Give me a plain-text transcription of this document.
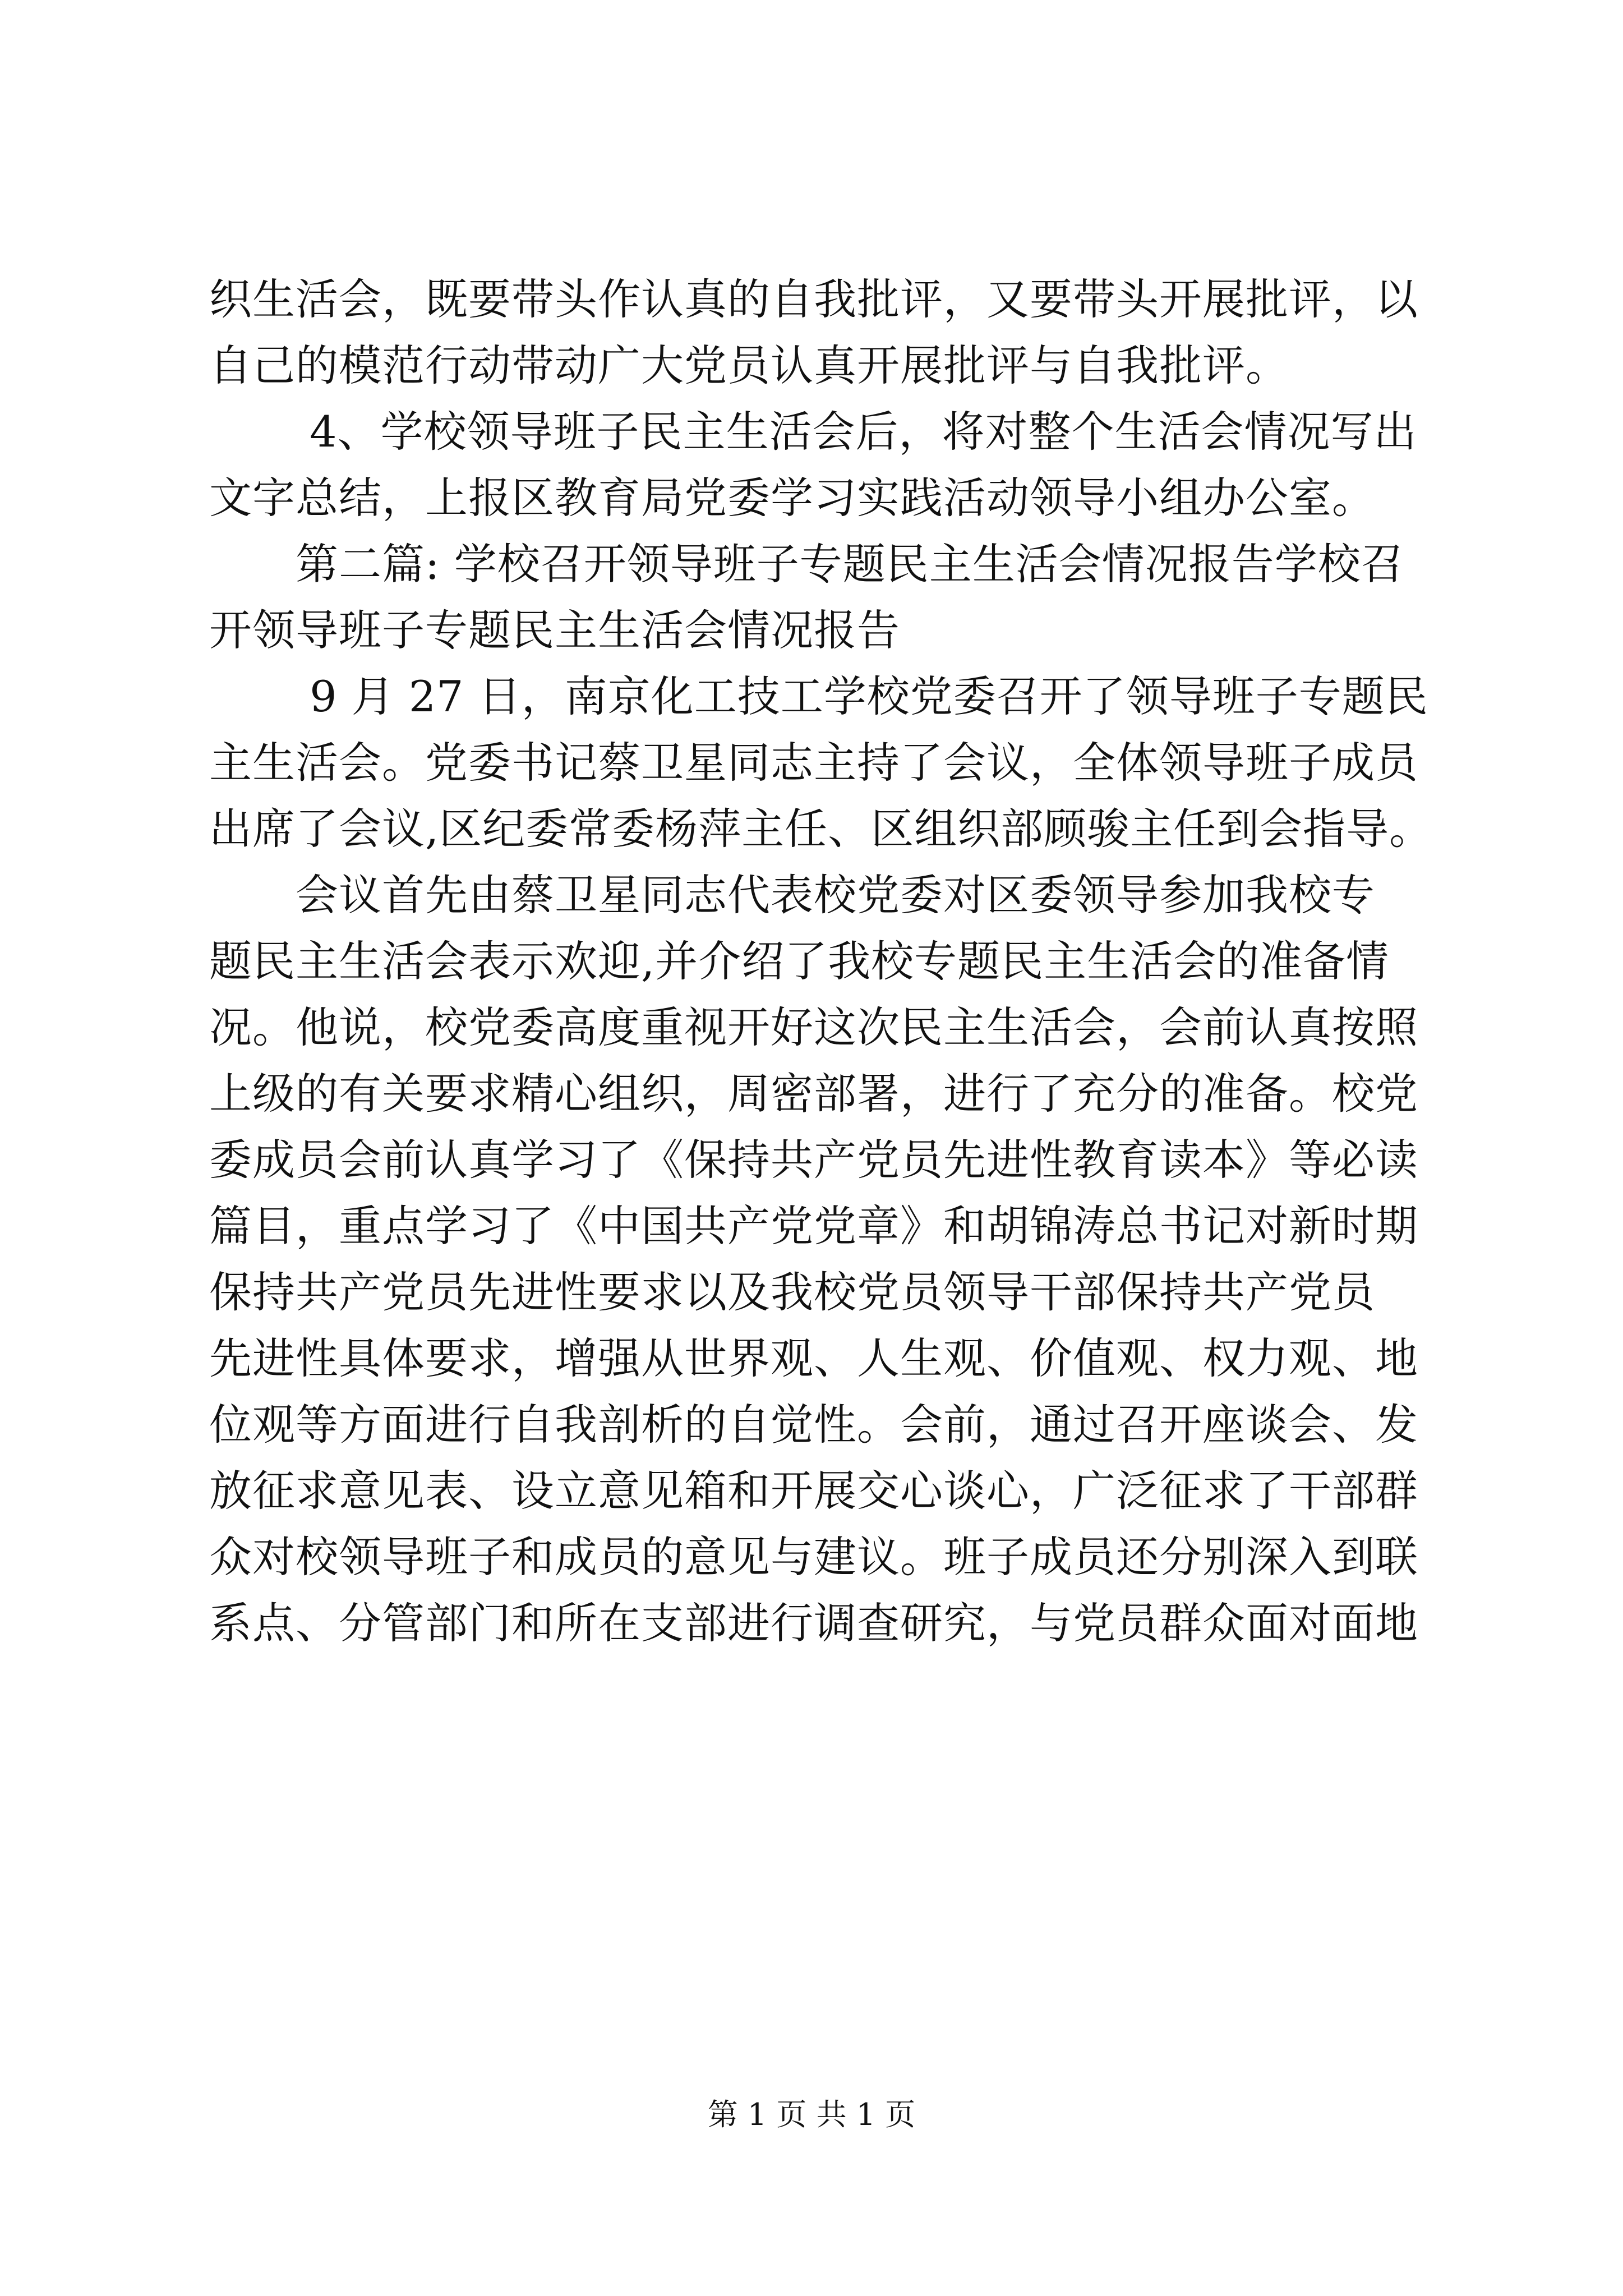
织生活会，既要带头作认真的自我批评，又要带头开展批评，以

自己的模范行动带动广大党员认真开展批评与自我批评。

　　 4、学校领导班子民主生活会后，将对整个生活会情况写出

文字总结，上报区教育局党委学习实践活动领导小组办公室。

　　第二篇: 学校召开领导班子专题民主生活会情况报告学校召

开领导班子专题民主生活会情况报告

　　 9 月 27 日，南京化工技工学校党委召开了领导班子专题民

主生活会。党委书记蔡卫星同志主持了会议，全体领导班子成员

出席了会议,区纪委常委杨萍主任、区组织部顾骏主任到会指导。

　　会议首先由蔡卫星同志代表校党委对区委领导参加我校专

题民主生活会表示欢迎,并介绍了我校专题民主生活会的准备情

况。他说，校党委高度重视开好这次民主生活会，会前认真按照

上级的有关要求精心组织，周密部署，进行了充分的准备。校党

委成员会前认真学习了《保持共产党员先进性教育读本》等必读

篇目，重点学习了《中国共产党党章》和胡锦涛总书记对新时期

保持共产党员先进性要求以及我校党员领导干部保持共产党员

先进性具体要求，增强从世界观、人生观、价值观、权力观、地

位观等方面进行自我剖析的自觉性。会前，通过召开座谈会、发

放征求意见表、设立意见箱和开展交心谈心，广泛征求了干部群

众对校领导班子和成员的意见与建议。班子成员还分别深入到联

系点、分管部门和所在支部进行调查研究，与党员群众面对面地

第 1 页 共 1 页
